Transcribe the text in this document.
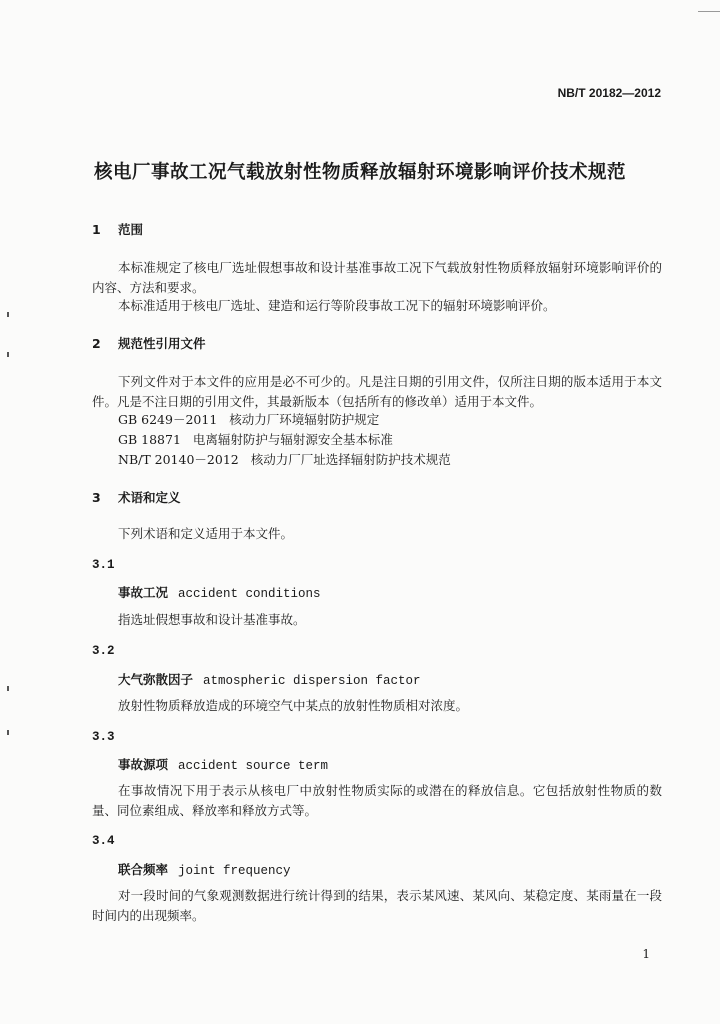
NB/T 20182—2012
核电厂事故工况气载放射性物质释放辐射环境影响评价技术规范
1 范围

本标准规定了核电厂选址假想事故和设计基准事故工况下气载放射性物质释放辐射环境影响评价的内容、方法和要求。

本标准适用于核电厂选址、建造和运行等阶段事故工况下的辐射环境影响评价。

2 规范性引用文件

下列文件对于本文件的应用是必不可少的。凡是注日期的引用文件，仅所注日期的版本适用于本文件。凡是不注日期的引用文件，其最新版本（包括所有的修改单）适用于本文件。

GB 6249－2011 核动力厂环境辐射防护规定
GB 18871 电离辐射防护与辐射源安全基本标准
NB/T 20140－2012 核动力厂厂址选择辐射防护技术规范
3 术语和定义

下列术语和定义适用于本文件。

3.1
事故工况 accident conditions

指选址假想事故和设计基准事故。

3.2
大气弥散因子 atmospheric dispersion factor

放射性物质释放造成的环境空气中某点的放射性物质相对浓度。

3.3
事故源项 accident source term

在事故情况下用于表示从核电厂中放射性物质实际的或潜在的释放信息。它包括放射性物质的数量、同位素组成、释放率和释放方式等。

3.4
联合频率 joint frequency

对一段时间的气象观测数据进行统计得到的结果，表示某风速、某风向、某稳定度、某雨量在一段时间内的出现频率。

1
